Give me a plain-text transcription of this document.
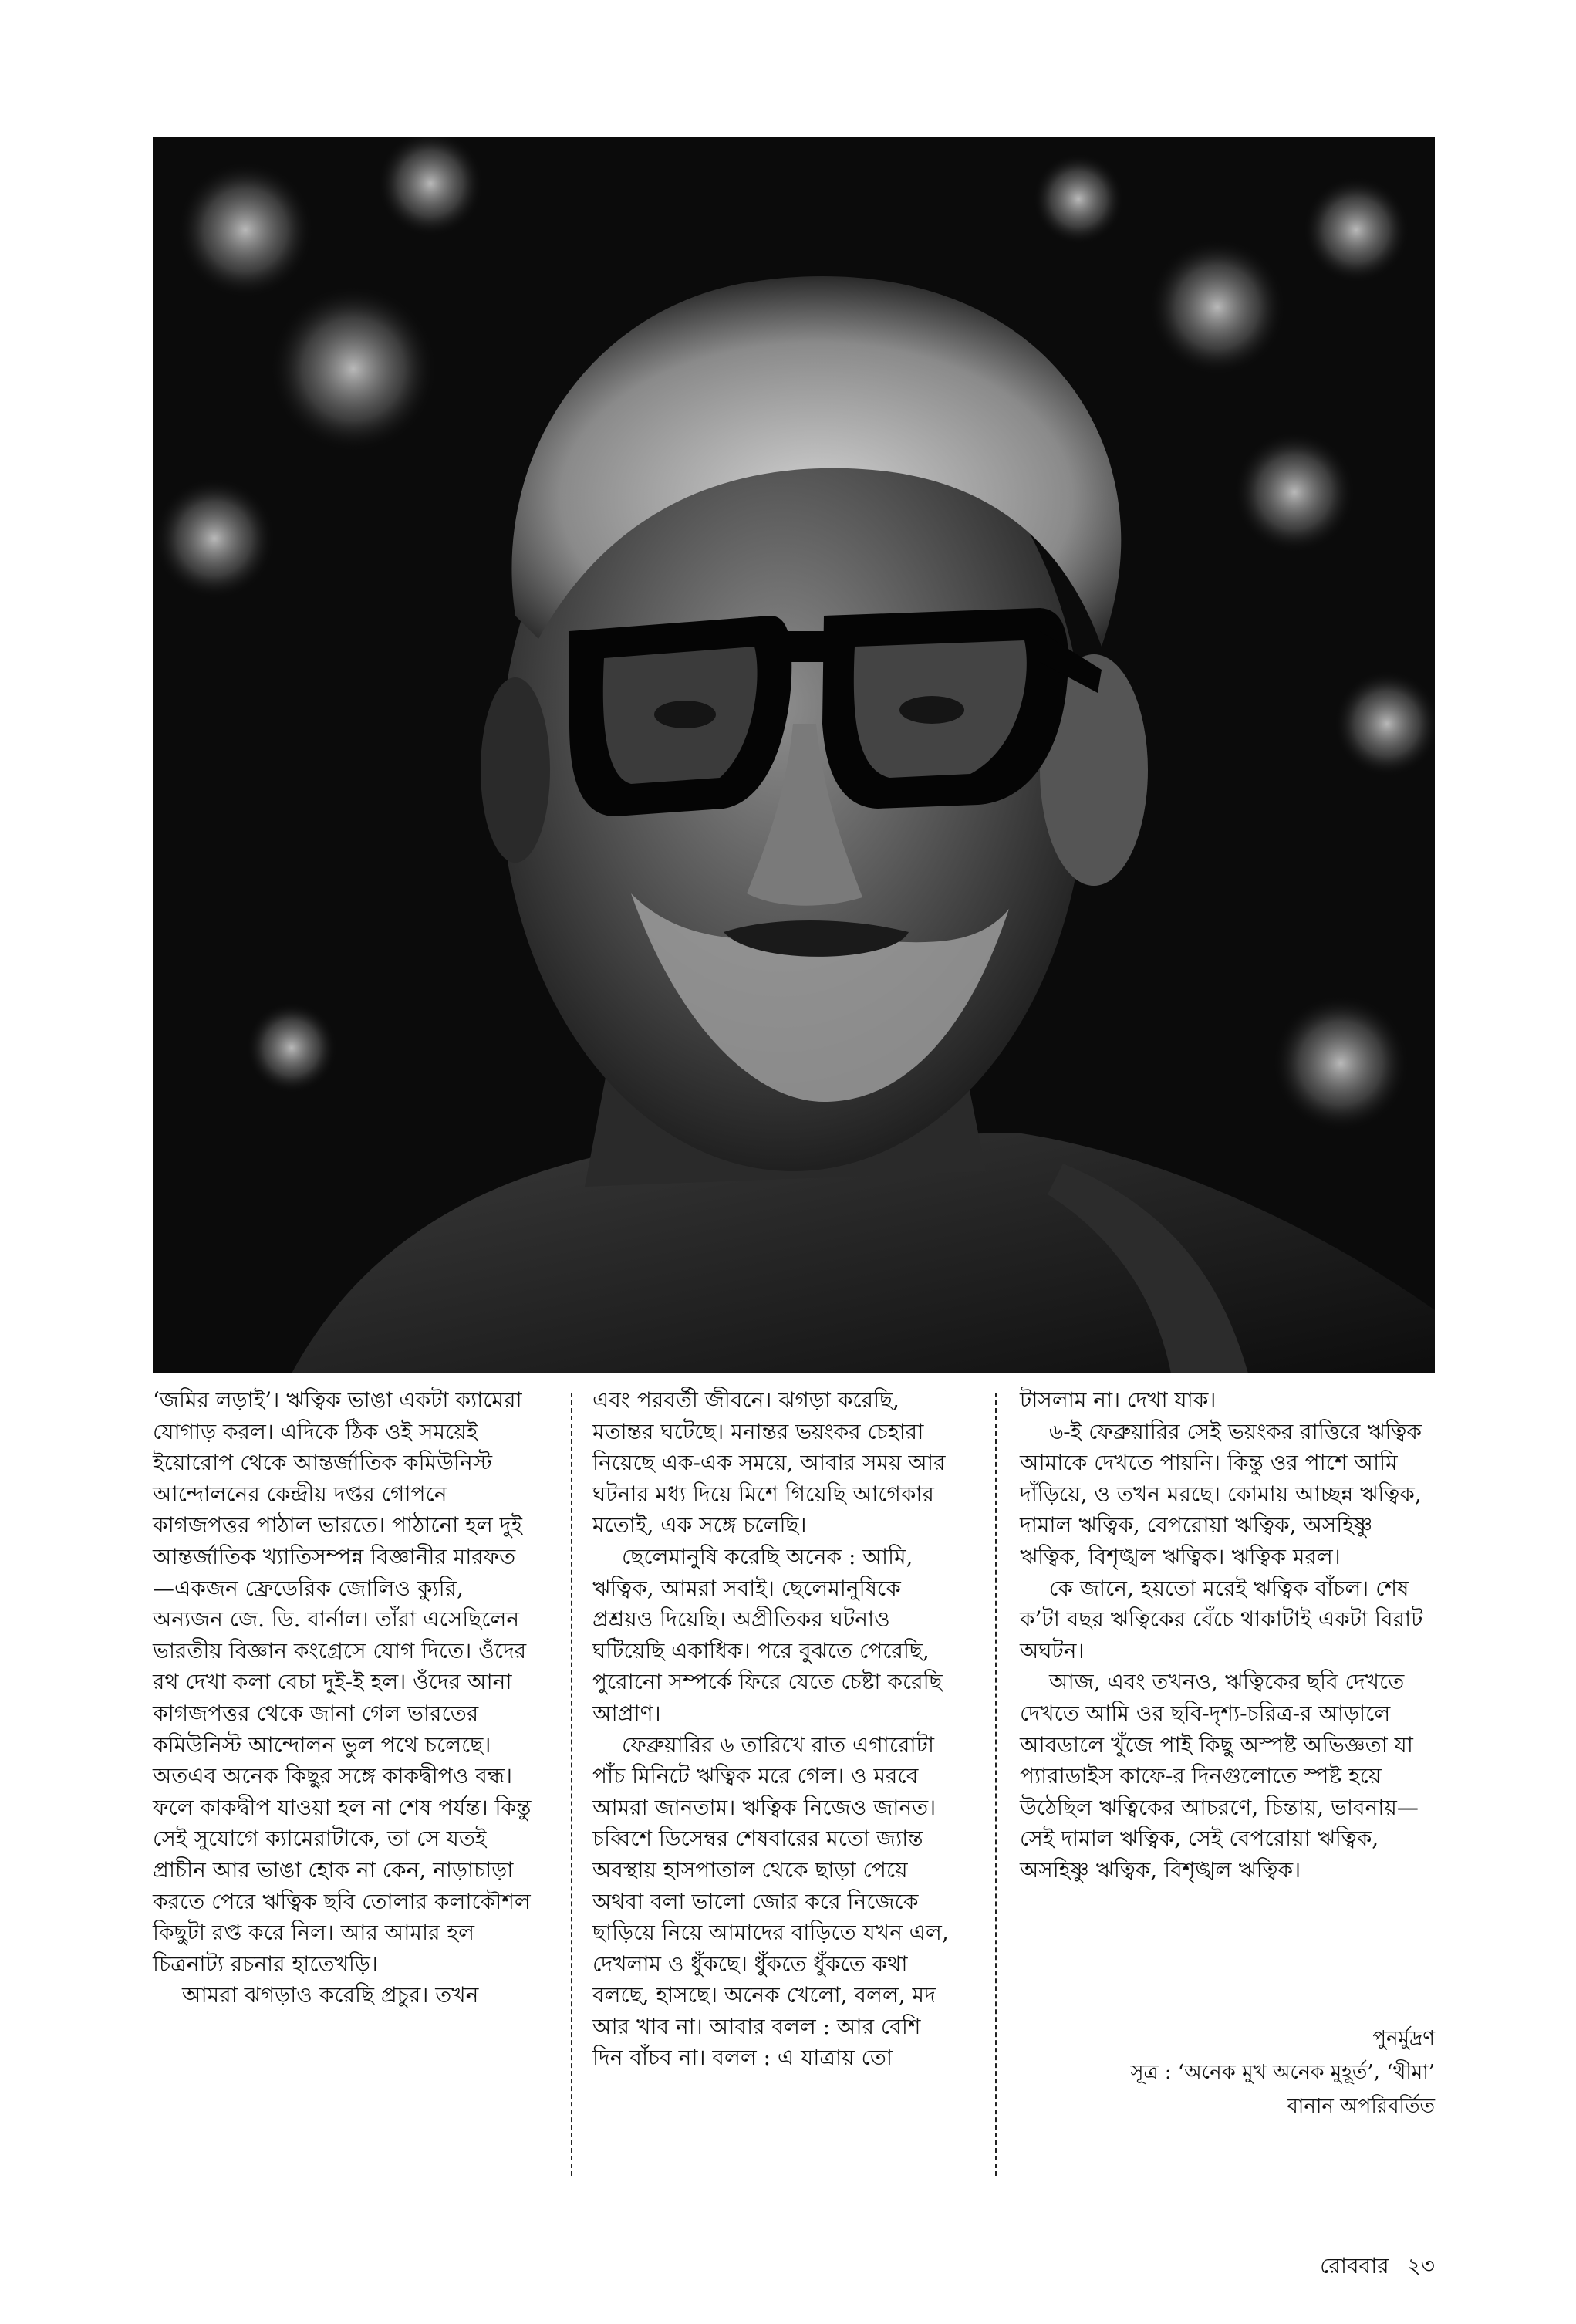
‘জমির লড়াই’। ঋত্বিক ভাঙা একটা ক্যামেরা যোগাড় করল। এদিকে ঠিক ওই সময়েই ইয়োরোপ থেকে আন্তর্জাতিক কমিউনিস্ট আন্দোলনের কেন্দ্রীয় দপ্তর গোপনে কাগজপত্তর পাঠাল ভারতে। পাঠানো হল দুই আন্তর্জাতিক খ্যাতিসম্পন্ন বিজ্ঞানীর মারফত—একজন ফ্রেডেরিক জোলিও ক্যুরি, অন্যজন জে. ডি. বার্নাল। তাঁরা এসেছিলেন ভারতীয় বিজ্ঞান কংগ্রেসে যোগ দিতে। ওঁদের রথ দেখা কলা বেচা দুই-ই হল। ওঁদের আনা কাগজপত্তর থেকে জানা গেল ভারতের কমিউনিস্ট আন্দোলন ভুল পথে চলেছে। অতএব অনেক কিছুর সঙ্গে কাকদ্বীপও বন্ধ। ফলে কাকদ্বীপ যাওয়া হল না শেষ পর্যন্ত। কিন্তু সেই সুযোগে ক্যামেরাটাকে, তা সে যতই প্রাচীন আর ভাঙা হোক না কেন, নাড়াচাড়া করতে পেরে ঋত্বিক ছবি তোলার কলাকৌশল কিছুটা রপ্ত করে নিল। আর আমার হল চিত্রনাট্য রচনার হাতেখড়ি।

আমরা ঝগড়াও করেছি প্রচুর। তখন

এবং পরবর্তী জীবনে। ঝগড়া করেছি, মতান্তর ঘটেছে। মনান্তর ভয়ংকর চেহারা নিয়েছে এক-এক সময়ে, আবার সময় আর ঘটনার মধ্য দিয়ে মিশে গিয়েছি আগেকার মতোই, এক সঙ্গে চলেছি।

ছেলেমানুষি করেছি অনেক : আমি, ঋত্বিক, আমরা সবাই। ছেলেমানুষিকে প্রশ্রয়ও দিয়েছি। অপ্রীতিকর ঘটনাও ঘটিয়েছি একাধিক। পরে বুঝতে পেরেছি, পুরোনো সম্পর্কে ফিরে যেতে চেষ্টা করেছি আপ্রাণ।

ফেব্রুয়ারির ৬ তারিখে রাত এগারোটা পাঁচ মিনিটে ঋত্বিক মরে গেল। ও মরবে আমরা জানতাম। ঋত্বিক নিজেও জানত। চব্বিশে ডিসেম্বর শেষবারের মতো জ্যান্ত অবস্থায় হাসপাতাল থেকে ছাড়া পেয়ে অথবা বলা ভালো জোর করে নিজেকে ছাড়িয়ে নিয়ে আমাদের বাড়িতে যখন এল, দেখলাম ও ধুঁকছে। ধুঁকতে ধুঁকতে কথা বলছে, হাসছে। অনেক খেলো, বলল, মদ আর খাব না। আবার বলল : আর বেশি দিন বাঁচব না। বলল : এ যাত্রায় তো

টাসলাম না। দেখা যাক।

৬-ই ফেব্রুয়ারির সেই ভয়ংকর রাত্তিরে ঋত্বিক আমাকে দেখতে পায়নি। কিন্তু ওর পাশে আমি দাঁড়িয়ে, ও তখন মরছে। কোমায় আচ্ছন্ন ঋত্বিক, দামাল ঋত্বিক, বেপরোয়া ঋত্বিক, অসহিষ্ণু ঋত্বিক, বিশৃঙ্খল ঋত্বিক। ঋত্বিক মরল।

কে জানে, হয়তো মরেই ঋত্বিক বাঁচল। শেষ ক’টা বছর ঋত্বিকের বেঁচে থাকাটাই একটা বিরাট অঘটন।

আজ, এবং তখনও, ঋত্বিকের ছবি দেখতে দেখতে আমি ওর ছবি-দৃশ্য-চরিত্র-র আড়ালে আবডালে খুঁজে পাই কিছু অস্পষ্ট অভিজ্ঞতা যা প্যারাডাইস কাফে-র দিনগুলোতে স্পষ্ট হয়ে উঠেছিল ঋত্বিকের আচরণে, চিন্তায়, ভাবনায়—সেই দামাল ঋত্বিক, সেই বেপরোয়া ঋত্বিক, অসহিষ্ণু ঋত্বিক, বিশৃঙ্খল ঋত্বিক।

পুনর্মুদ্রণ
সূত্র : ‘অনেক মুখ অনেক মুহূর্ত’, ‘থীমা’
বানান অপরিবর্তিত
রোববার ২৩
